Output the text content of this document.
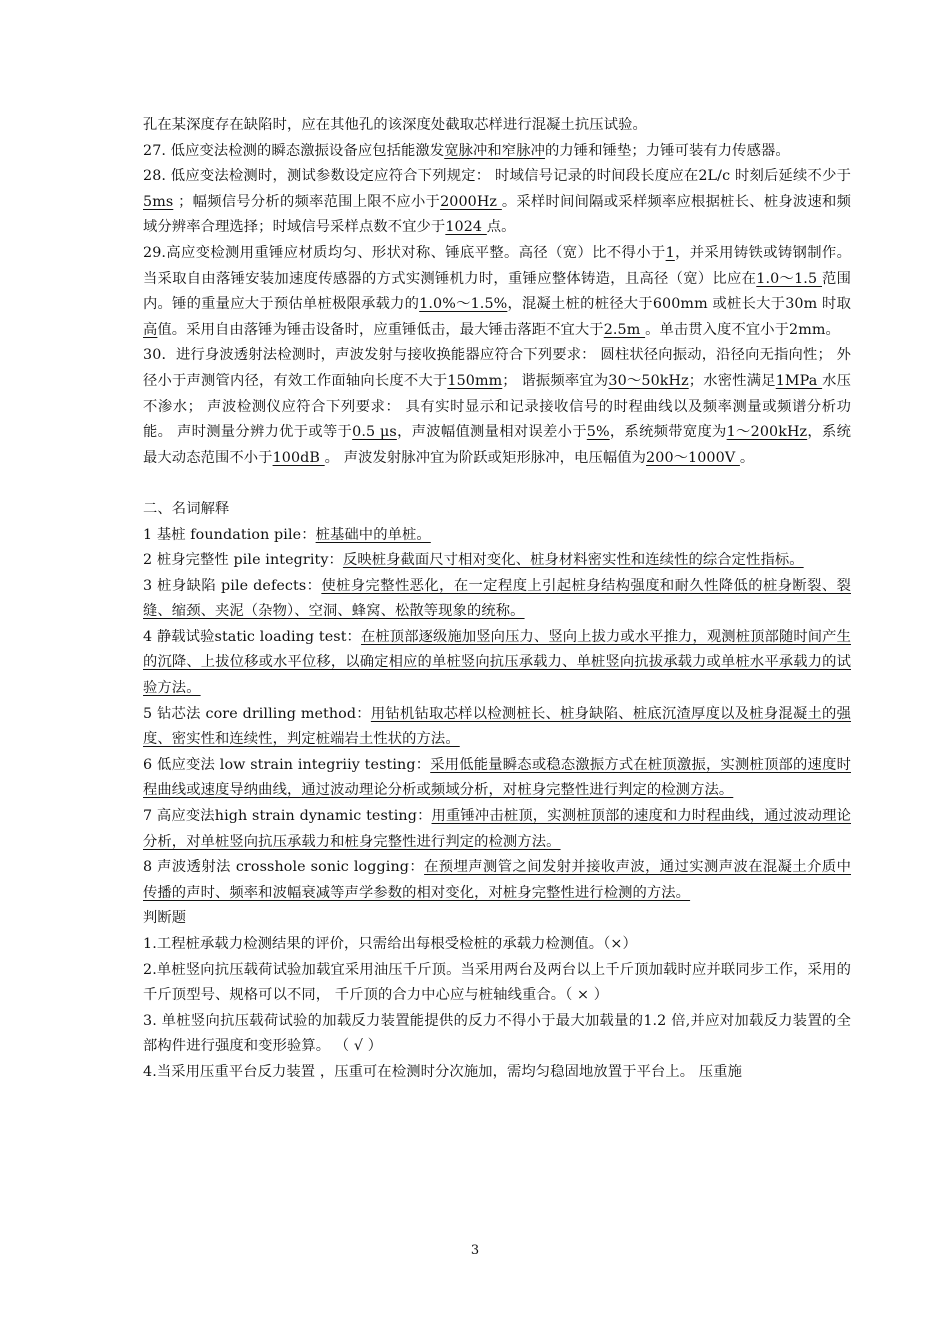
孔在某深度存在缺陷时，应在其他孔的该深度处截取芯样进行混凝土抗压试验。

27. 低应变法检测的瞬态激振设备应包括能激发宽脉冲和窄脉冲的力锤和锤垫；力锤可装有力传感器。

28. 低应变法检测时，测试参数设定应符合下列规定： 时域信号记录的时间段长度应在2L/c 时刻后延续不少于5ms ；幅频信号分析的频率范围上限不应小于2000Hz 。采样时间间隔或采样频率应根据桩长、桩身波速和频域分辨率合理选择；时域信号采样点数不宜少于1024 点。

29.高应变检测用重锤应材质均匀、形状对称、锤底平整。高径（宽）比不得小于1，并采用铸铁或铸钢制作。当采取自由落锤安装加速度传感器的方式实测锤机力时，重锤应整体铸造，且高径（宽）比应在1.0～1.5 范围内。锤的重量应大于预估单桩极限承载力的1.0%～1.5%，混凝土桩的桩径大于600mm 或桩长大于30m 时取高值。采用自由落锤为锤击设备时，应重锤低击，最大锤击落距不宜大于2.5m 。单击贯入度不宜小于2mm。

30．进行身波透射法检测时，声波发射与接收换能器应符合下列要求： 圆柱状径向振动，沿径向无指向性； 外径小于声测管内径，有效工作面轴向长度不大于150mm； 谐振频率宜为30～50kHz；水密性满足1MPa 水压不渗水； 声波检测仪应符合下列要求： 具有实时显示和记录接收信号的时程曲线以及频率测量或频谱分析功能。 声时测量分辨力优于或等于0.5 μs，声波幅值测量相对误差小于5%，系统频带宽度为1～200kHz，系统最大动态范围不小于100dB 。 声波发射脉冲宜为阶跃或矩形脉冲，电压幅值为200～1000V 。

二、名词解释

1 基桩 foundation pile：桩基础中的单桩。

2 桩身完整性 pile integrity：反映桩身截面尺寸相对变化、桩身材料密实性和连续性的综合定性指标。

3 桩身缺陷 pile defects：使桩身完整性恶化，在一定程度上引起桩身结构强度和耐久性降低的桩身断裂、裂缝、缩颈、夹泥（杂物）、空洞、蜂窝、松散等现象的统称。

4 静载试验static loading test：在桩顶部逐级施加竖向压力、竖向上拔力或水平推力，观测桩顶部随时间产生的沉降、上拔位移或水平位移，以确定相应的单桩竖向抗压承载力、单桩竖向抗拔承载力或单桩水平承载力的试验方法。

5 钻芯法 core drilling method：用钻机钻取芯样以检测桩长、桩身缺陷、桩底沉渣厚度以及桩身混凝土的强度、密实性和连续性，判定桩端岩土性状的方法。

6 低应变法 low strain integriiy testing：采用低能量瞬态或稳态激振方式在桩顶激振，实测桩顶部的速度时程曲线或速度导纳曲线，通过波动理论分析或频域分析，对桩身完整性进行判定的检测方法。

7 高应变法high strain dynamic testing：用重锤冲击桩顶，实测桩顶部的速度和力时程曲线，通过波动理论分析，对单桩竖向抗压承载力和桩身完整性进行判定的检测方法。

8 声波透射法 crosshole sonic logging：在预埋声测管之间发射并接收声波，通过实测声波在混凝土介质中传播的声时、频率和波幅衰减等声学参数的相对变化，对桩身完整性进行检测的方法。

判断题

1.工程桩承载力检测结果的评价，只需给出每根受检桩的承载力检测值。（×）

2.单桩竖向抗压载荷试验加载宜采用油压千斤顶。当采用两台及两台以上千斤顶加载时应并联同步工作，采用的千斤顶型号、规格可以不同， 千斤顶的合力中心应与桩轴线重合。（ × ）

3. 单桩竖向抗压载荷试验的加载反力装置能提供的反力不得小于最大加载量的1.2 倍,并应对加载反力装置的全部构件进行强度和变形验算。 （ √ ）

4.当采用压重平台反力装置 ，压重可在检测时分次施加，需均匀稳固地放置于平台上。 压重施

3
